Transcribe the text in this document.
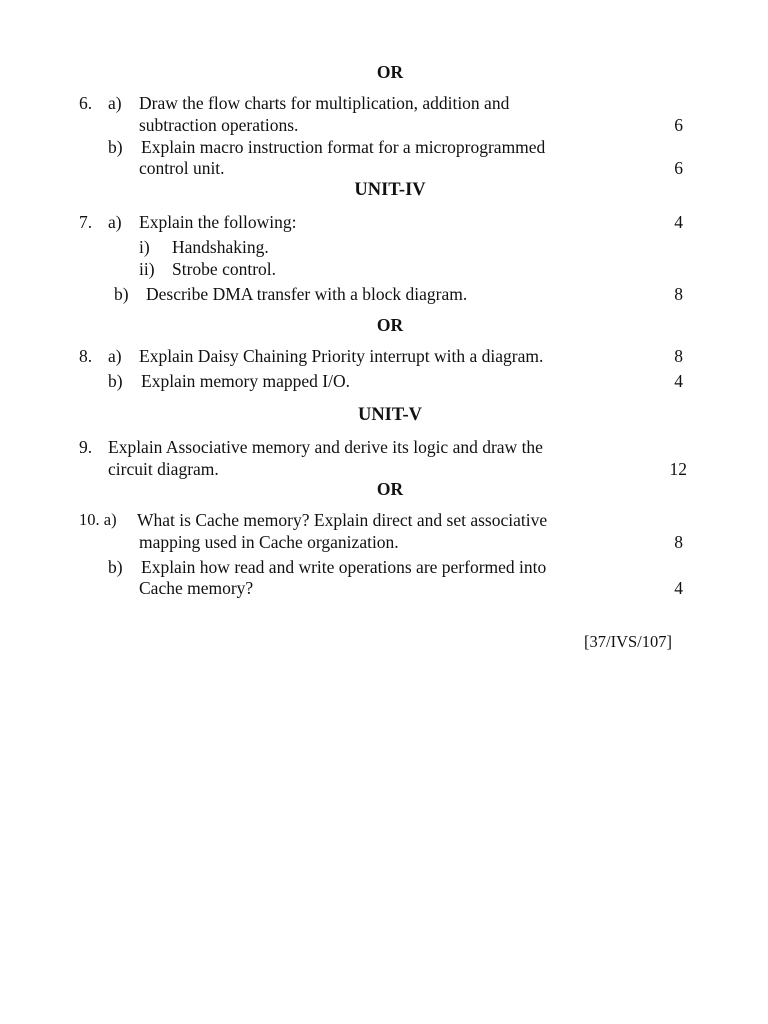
OR
6. a) Draw the flow charts for multiplication, addition and
subtraction operations.	6
b) Explain macro instruction format for a microprogrammed
control unit.	6
UNIT-IV
7. a) Explain the following:	4
i) Handshaking.
ii) Strobe control.
b) Describe DMA transfer with a block diagram.	8
OR
8. a) Explain Daisy Chaining Priority interrupt with a diagram.	8
b) Explain memory mapped I/O.	4
UNIT-V
9. Explain Associative memory and derive its logic and draw the
circuit diagram.	12
OR
10. a) What is Cache memory? Explain direct and set associative
mapping used in Cache organization.	8
b) Explain how read and write operations are performed into
Cache memory?	4
[37/IVS/107]
